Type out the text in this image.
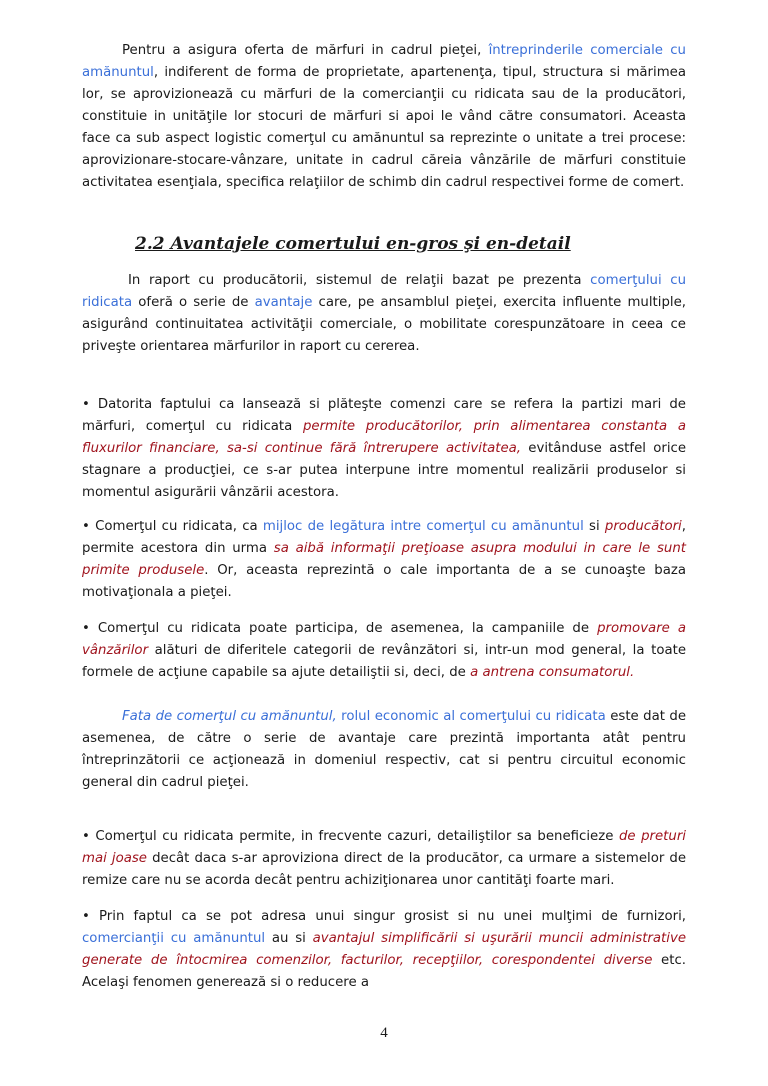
Pentru a asigura oferta de mărfuri in cadrul pieţei, întreprinderile comerciale cu amănuntul, indiferent de forma de proprietate, apartenenţa, tipul, structura si mărimea lor, se aprovizionează cu mărfuri de la comercianţii cu ridicata sau de la producători, constituie in unităţile lor stocuri de mărfuri si apoi le vând către consumatori. Aceasta face ca sub aspect logistic comerţul cu amănuntul sa reprezinte o unitate a trei procese: aprovizionare-stocare-vânzare, unitate in cadrul căreia vânzările de mărfuri constituie activitatea esenţiala, specifica relaţiilor de schimb din cadrul respectivei forme de comert.

2.2 Avantajele comertului en-gros şi en-detail

In raport cu producătorii, sistemul de relaţii bazat pe prezenta comerţului cu ridicata oferă o serie de avantaje care, pe ansamblul pieţei, exercita influente multiple, asigurând continuitatea activităţii comerciale, o mobilitate corespunzătoare in ceea ce priveşte orientarea mărfurilor in raport cu cererea.

• Datorita faptului ca lansează si plăteşte comenzi care se refera la partizi mari de mărfuri, comerţul cu ridicata permite producătorilor, prin alimentarea constanta a fluxurilor financiare, sa-si continue fără întrerupere activitatea, evitânduse astfel orice stagnare a producţiei, ce s-ar putea interpune intre momentul realizării produselor si momentul asigurării vânzării acestora.

• Comerţul cu ridicata, ca mijloc de legătura intre comerţul cu amănuntul si producători, permite acestora din urma sa aibă informaţii preţioase asupra modului in care le sunt primite produsele. Or, aceasta reprezintă o cale importanta de a se cunoaşte baza motivaţionala a pieţei.

• Comerţul cu ridicata poate participa, de asemenea, la campaniile de promovare a vânzărilor alături de diferitele categorii de revânzători si, intr-un mod general, la toate formele de acţiune capabile sa ajute detailiştii si, deci, de a antrena consumatorul.

Fata de comerţul cu amănuntul, rolul economic al comerţului cu ridicata este dat de asemenea, de către o serie de avantaje care prezintă importanta atât pentru întreprinzătorii ce acţionează in domeniul respectiv, cat si pentru circuitul economic general din cadrul pieţei.

• Comerţul cu ridicata permite, in frecvente cazuri, detailiştilor sa beneficieze de preturi mai joase decât daca s-ar aproviziona direct de la producător, ca urmare a sistemelor de remize care nu se acorda decât pentru achiziţionarea unor cantităţi foarte mari.

• Prin faptul ca se pot adresa unui singur grosist si nu unei mulţimi de furnizori, comercianţii cu amănuntul au si avantajul simplificării si uşurării muncii administrative generate de întocmirea comenzilor, facturilor, recepţiilor, corespondentei diverse etc. Acelaşi fenomen generează si o reducere a

4
